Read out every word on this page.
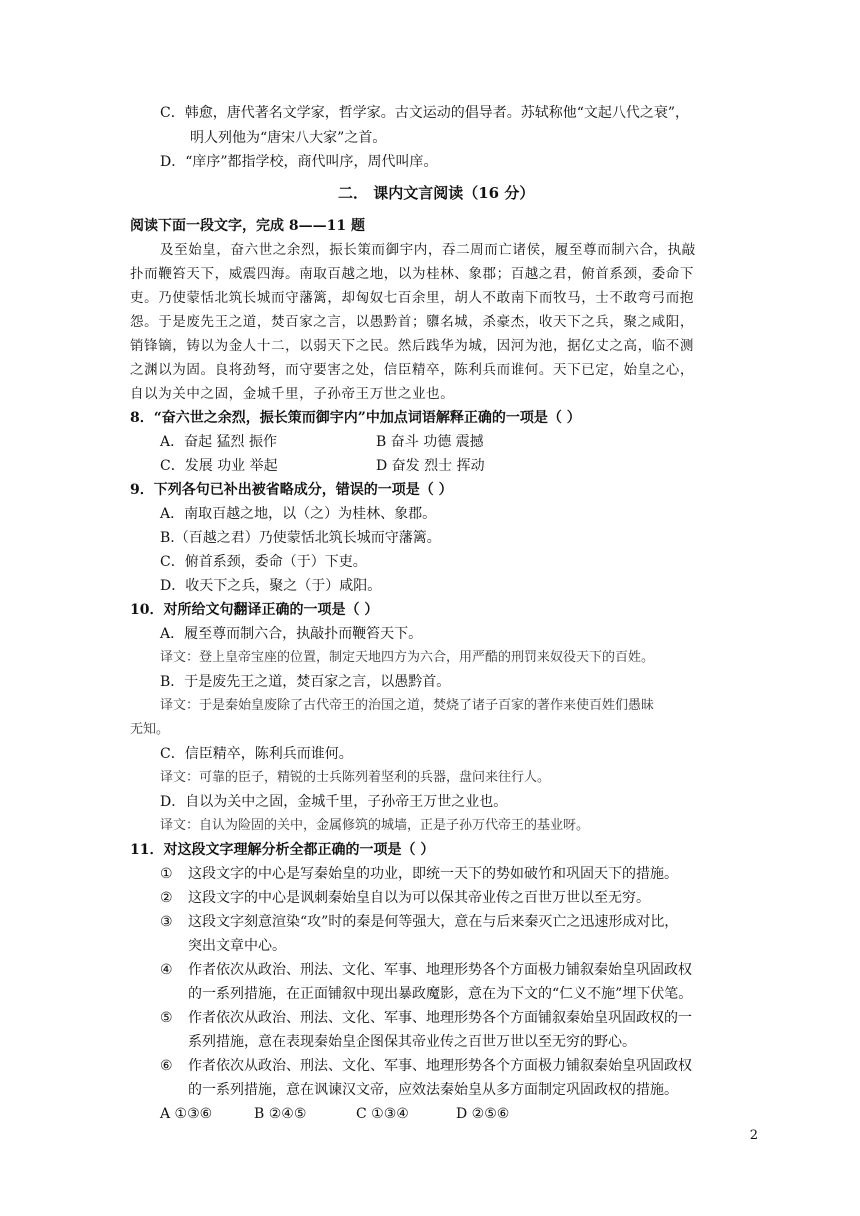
C．韩愈，唐代著名文学家，哲学家。古文运动的倡导者。苏轼称他“文起八代之衰”，
明人列他为“唐宋八大家”之首。
D．“庠序”都指学校，商代叫序，周代叫庠。
二． 课内文言阅读（16 分）
阅读下面一段文字，完成 8——11 题
及至始皇，奋六世之余烈，振长策而御宇内，吞二周而亡诸侯，履至尊而制六合，执敲
扑而鞭笞天下，威震四海。南取百越之地，以为桂林、象郡；百越之君，俯首系颈，委命下
吏。乃使蒙恬北筑长城而守藩篱，却匈奴七百余里，胡人不敢南下而牧马，士不敢弯弓而抱
怨。于是废先王之道，焚百家之言，以愚黔首；隳名城，杀豪杰，收天下之兵，聚之咸阳，
销锋镝，铸以为金人十二，以弱天下之民。然后践华为城，因河为池，据亿丈之高，临不测
之渊以为固。良将劲弩，而守要害之处，信臣精卒，陈利兵而谁何。天下已定，始皇之心，
自以为关中之固，金城千里，子孙帝王万世之业也。
8．“奋六世之余烈，振长策而御宇内”中加点词语解释正确的一项是（ ）
A．奋起 猛烈 振作	B 奋斗 功德 震撼
C．发展 功业 举起	D 奋发 烈士 挥动
9．下列各句已补出被省略成分，错误的一项是（ ）
A．南取百越之地，以（之）为桂林、象郡。
B.（百越之君）乃使蒙恬北筑长城而守藩篱。
C．俯首系颈，委命（于）下吏。
D．收天下之兵，聚之（于）咸阳。
10．对所给文句翻译正确的一项是（ ）
A．履至尊而制六合，执敲扑而鞭笞天下。
译文：登上皇帝宝座的位置，制定天地四方为六合，用严酷的刑罚来奴役天下的百姓。
B．于是废先王之道，焚百家之言，以愚黔首。
译文：于是秦始皇废除了古代帝王的治国之道，焚烧了诸子百家的著作来使百姓们愚昧
无知。
C．信臣精卒，陈利兵而谁何。
译文：可靠的臣子，精锐的士兵陈列着坚利的兵器，盘问来往行人。
D．自以为关中之固，金城千里，子孙帝王万世之业也。
译文：自认为险固的关中，金属修筑的城墙，正是子孙万代帝王的基业呀。
11．对这段文字理解分析全都正确的一项是（ ）
① 这段文字的中心是写秦始皇的功业，即统一天下的势如破竹和巩固天下的措施。
② 这段文字的中心是讽刺秦始皇自以为可以保其帝业传之百世万世以至无穷。
③ 这段文字刻意渲染“攻”时的秦是何等强大，意在与后来秦灭亡之迅速形成对比，
突出文章中心。
④ 作者依次从政治、刑法、文化、军事、地理形势各个方面极力铺叙秦始皇巩固政权
的一系列措施，在正面铺叙中现出暴政魔影，意在为下文的“仁义不施”埋下伏笔。
⑤ 作者依次从政治、刑法、文化、军事、地理形势各个方面铺叙秦始皇巩固政权的一
系列措施，意在表现秦始皇企图保其帝业传之百世万世以至无穷的野心。
⑥ 作者依次从政治、刑法、文化、军事、地理形势各个方面极力铺叙秦始皇巩固政权
的一系列措施，意在讽谏汉文帝，应效法秦始皇从多方面制定巩固政权的措施。
A ①③⑥	B ②④⑤	C ①③④	D ②⑤⑥
2
